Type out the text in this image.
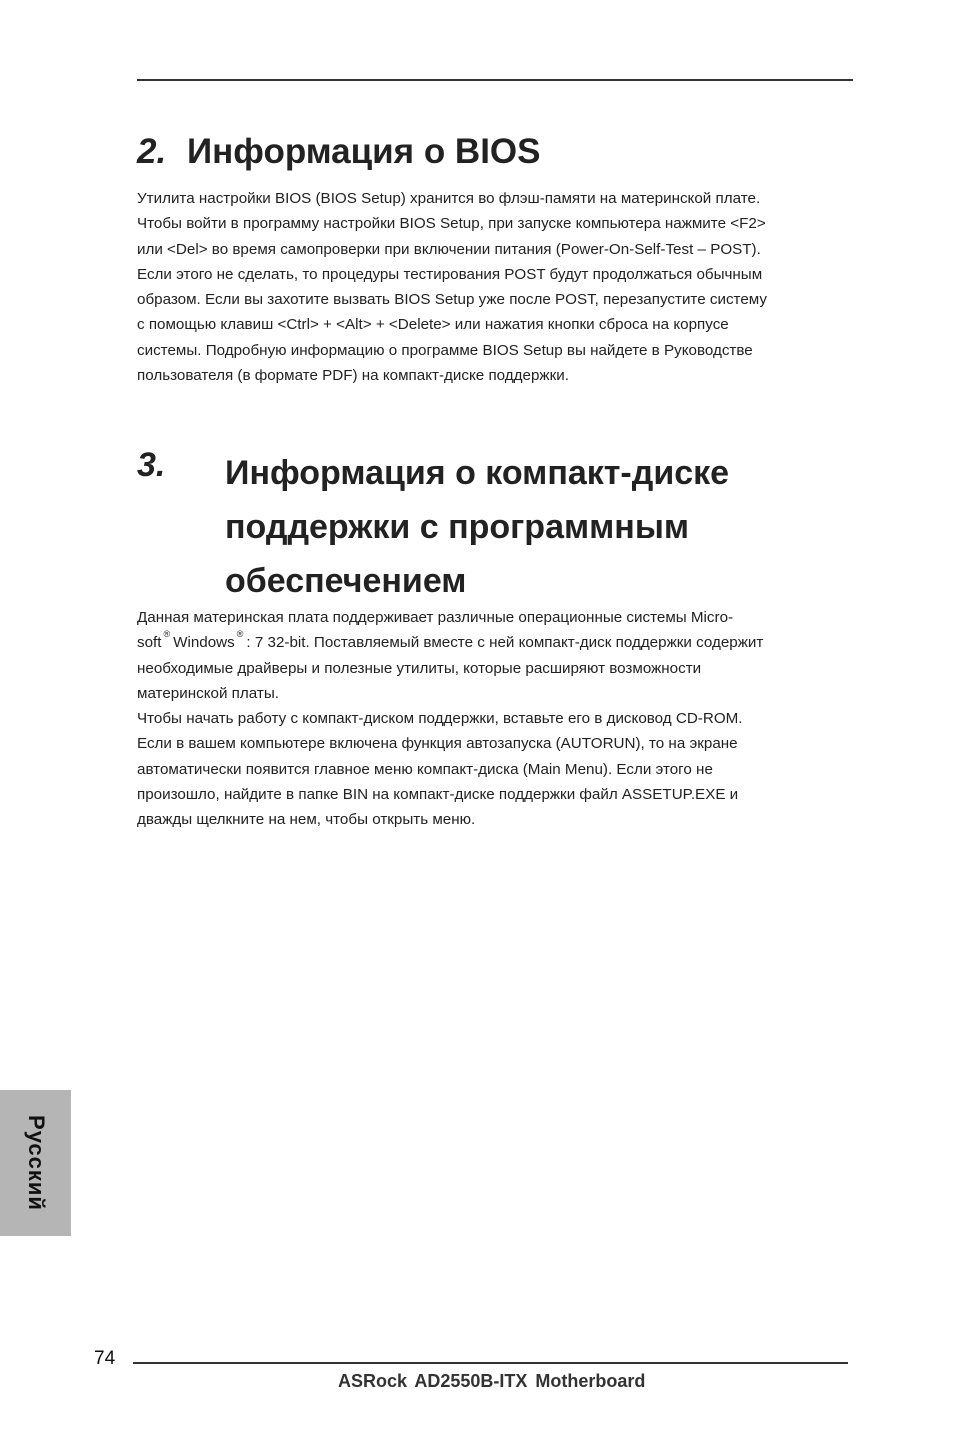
2. Информация о BIOS

Утилита настройки BIOS (BIOS Setup) хранится во флэш-памяти на материнской плате.

Чтобы войти в программу настройки BIOS Setup, при запуске компьютера нажмите <F2>

или <Del> во время самопроверки при включении питания (Power-On-Self-Test – POST).

Если этого не сделать, то процедуры тестирования POST будут продолжаться обычным

образом. Если вы захотите вызвать BIOS Setup уже после POST, перезапустите систему

с помощью клавиш <Ctrl> + <Alt> + <Delete> или нажатия кнопки сброса на корпусе

системы. Подробную информацию о программе BIOS Setup вы найдете в Руководстве

пользователя (в формате PDF) на компакт-диске поддержки.

3. Информация о компакт-диске
поддержки с программным
обеспечением

Данная материнская плата поддерживает различные операционные системы Micro-

soft ® Windows ® : 7 32-bit. Поставляемый вместе с ней компакт-диск поддержки содержит

необходимые драйверы и полезные утилиты, которые расширяют возможности

материнской платы.

Чтобы начать работу с компакт-диском поддержки, вставьте его в дисковод CD-ROM.

Если в вашем компьютере включена функция автозапуска (AUTORUN), то на экране

автоматически появится главное меню компакт-диска (Main Menu). Если этого не

произошло, найдите в папке BIN на компакт-диске поддержки файл ASSETUP.EXE и

дважды щелкните на нем, чтобы открыть меню.

Русский
74
ASRock AD2550B-ITX Motherboard
